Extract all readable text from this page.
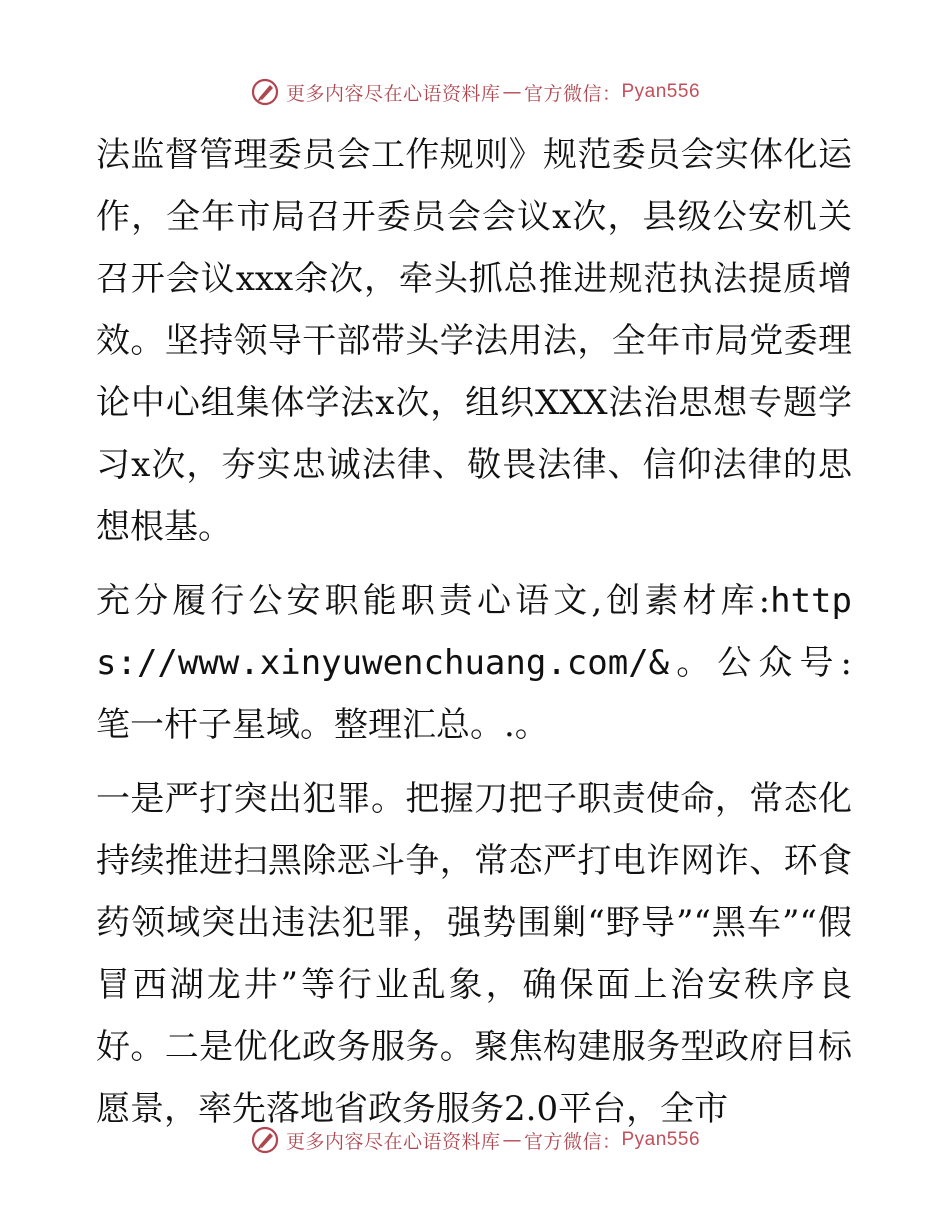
更多内容尽在心语资料库 — 官方微信： Pyan556

法监督管理委员会工作规则》规范委员会实体化运作，全年市局召开委员会会议x次，县级公安机关召开会议xxx余次，牵头抓总推进规范执法提质增效。坚持领导干部带头学法用法，全年市局党委理论中心组集体学法x次，组织XXX法治思想专题学习x次，夯实忠诚法律、敬畏法律、信仰法律的思想根基。

充分履行公安职能职责心语文,创素材库:https://www.xinyuwenchuang.com/&。公众号: 笔一杆子星域。整理汇总。.。

一是严打突出犯罪。把握刀把子职责使命，常态化持续推进扫黑除恶斗争，常态严打电诈网诈、环食药领域突出违法犯罪，强势围剿“野导”“黑车”“假冒西湖龙井”等行业乱象，确保面上治安秩序良好。二是优化政务服务。聚焦构建服务型政府目标愿景，率先落地省政务服务2.0平台，全市

更多内容尽在心语资料库 — 官方微信： Pyan556
